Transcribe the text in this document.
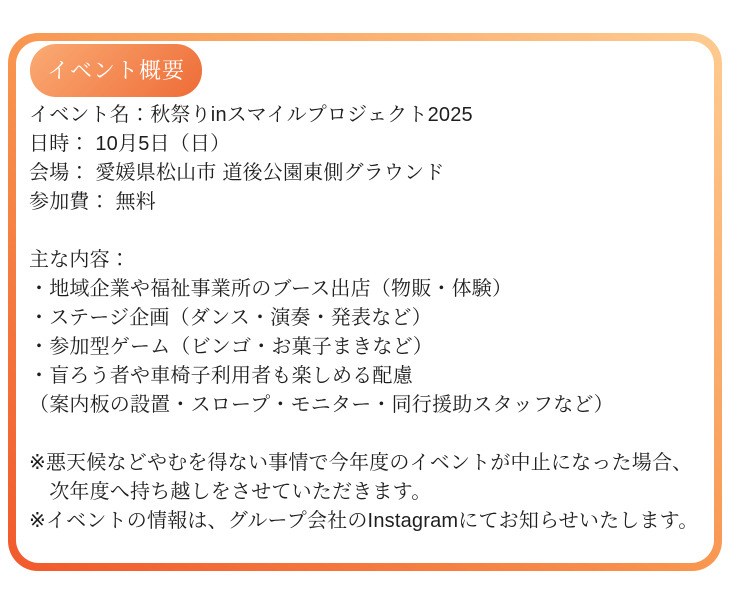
イベント概要
イベント名：秋祭りinスマイルプロジェクト2025
日時： 10月5日（日）
会場： 愛媛県松山市 道後公園東側グラウンド
参加費： 無料
主な内容：
・地域企業や福祉事業所のブース出店（物販・体験）
・ステージ企画（ダンス・演奏・発表など）
・参加型ゲーム（ビンゴ・お菓子まきなど）
・盲ろう者や車椅子利用者も楽しめる配慮
（案内板の設置・スロープ・モニター・同行援助スタッフなど）
※悪天候などやむを得ない事情で今年度のイベントが中止になった場合、
　次年度へ持ち越しをさせていただきます。
※イベントの情報は、グループ会社のInstagramにてお知らせいたします。
